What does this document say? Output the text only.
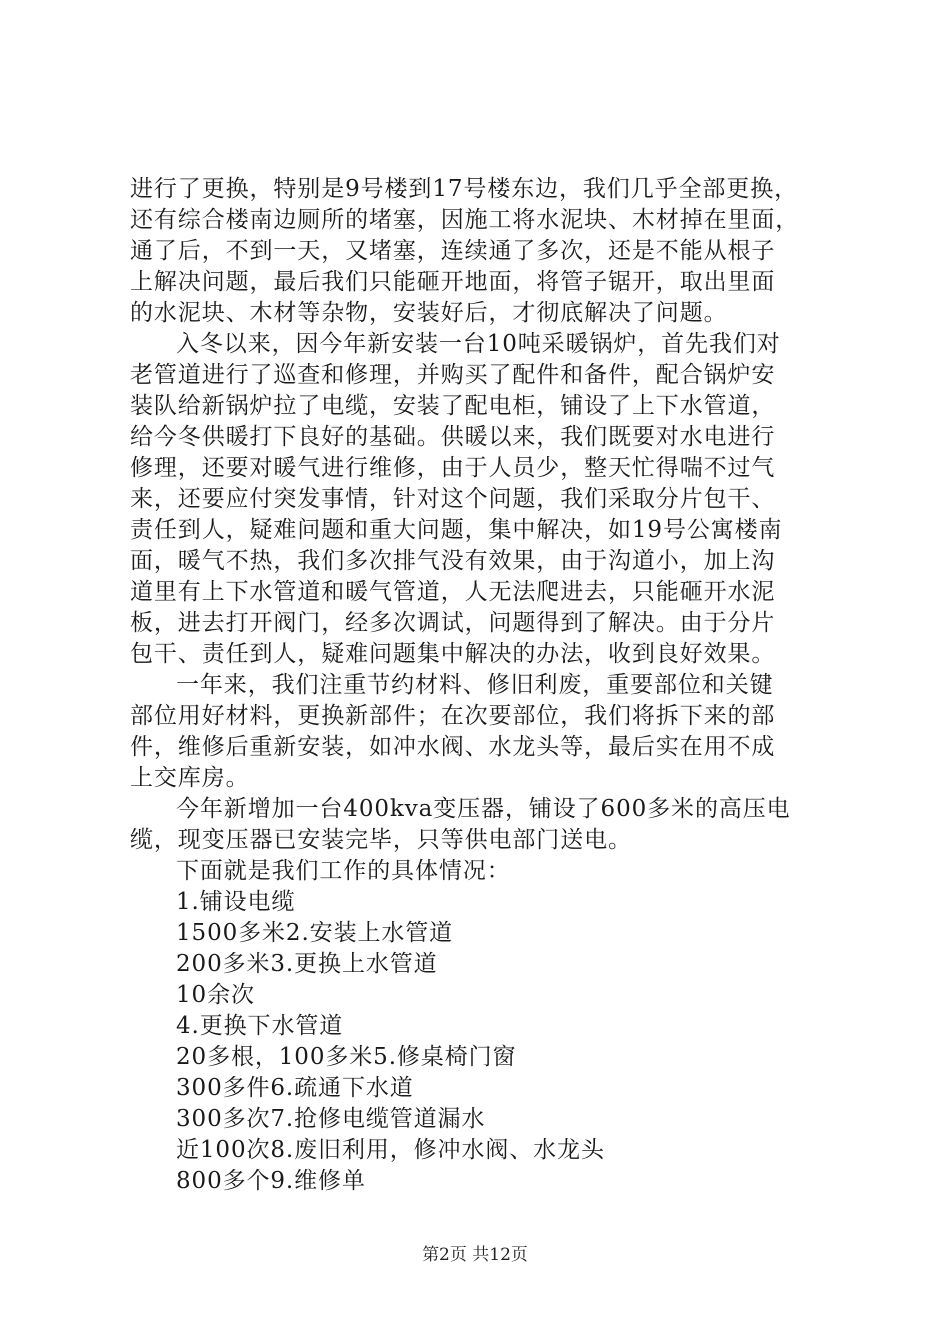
进行了更换，特别是9号楼到17号楼东边，我们几乎全部更换，
还有综合楼南边厕所的堵塞，因施工将水泥块、木材掉在里面，
通了后，不到一天，又堵塞，连续通了多次，还是不能从根子
上解决问题，最后我们只能砸开地面，将管子锯开，取出里面
的水泥块、木材等杂物，安装好后，才彻底解决了问题。
入冬以来，因今年新安装一台10吨采暖锅炉，首先我们对
老管道进行了巡查和修理，并购买了配件和备件，配合锅炉安
装队给新锅炉拉了电缆，安装了配电柜，铺设了上下水管道，
给今冬供暖打下良好的基础。供暖以来，我们既要对水电进行
修理，还要对暖气进行维修，由于人员少，整天忙得喘不过气
来，还要应付突发事情，针对这个问题，我们采取分片包干、
责任到人，疑难问题和重大问题，集中解决，如19号公寓楼南
面，暖气不热，我们多次排气没有效果，由于沟道小，加上沟
道里有上下水管道和暖气管道，人无法爬进去，只能砸开水泥
板，进去打开阀门，经多次调试，问题得到了解决。由于分片
包干、责任到人，疑难问题集中解决的办法，收到良好效果。
一年来，我们注重节约材料、修旧利废，重要部位和关键
部位用好材料，更换新部件；在次要部位，我们将拆下来的部
件，维修后重新安装，如冲水阀、水龙头等，最后实在用不成
上交库房。
今年新增加一台400kva变压器，铺设了600多米的高压电
缆，现变压器已安装完毕，只等供电部门送电。
下面就是我们工作的具体情况：
1.铺设电缆
1500多米2.安装上水管道
200多米3.更换上水管道
10余次
4.更换下水管道
20多根，100多米5.修桌椅门窗
300多件6.疏通下水道
300多次7.抢修电缆管道漏水
近100次8.废旧利用，修冲水阀、水龙头
800多个9.维修单
第2页 共12页
